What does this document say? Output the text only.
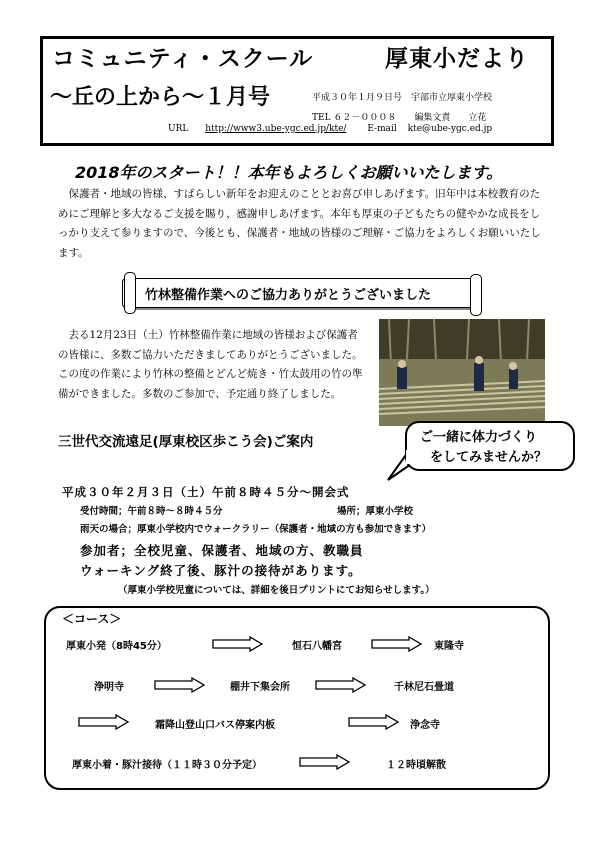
コミュニティ・スクール	厚東小だより
～丘の上から～１月号	平成３０年１月９日号　宇部市立厚東小学校
TEL ６２－０００８　　編集文責　　立花
URL http://www3.ube-ygc.ed.jp/kte/ E-mail kte@ube-ygc.ed.jp
2018年のスタート！！本年もよろしくお願いいたします。
保護者・地域の皆様、すばらしい新年をお迎えのこととお喜び申しあげます。旧年中は本校教育のためにご理解と多大なるご支援を賜り、感謝申しあげます。本年も厚東の子どもたちの健やかな成長をしっかり支えて参りますので、今後とも、保護者・地域の皆様のご理解・ご協力をよろしくお願いいたします。
竹林整備作業へのご協力ありがとうございました
去る12月23日（土）竹林整備作業に地域の皆様および保護者の皆様に、多数ご協力いただきましてありがとうございました。この度の作業により竹林の整備とどんど焼き・竹太鼓用の竹の準備ができました。多数のご参加で、予定通り終了しました。
三世代交流遠足(厚東校区歩こう会)ご案内	ご一緒に体力づくり
をしてみませんか？
平成３０年２月３日（土）午前８時４５分～開会式
受付時間；午前８時～８時４５分	場所；厚東小学校
雨天の場合；厚東小学校内でウォークラリー（保護者・地域の方も参加できます）
参加者；全校児童、保護者、地域の方、教職員
ウォーキング終了後、豚汁の接待があります。
（厚東小学校児童については、詳細を後日プリントにてお知らせします。）
＜コース＞
厚東小発（8時45分）	恒石八幡宮	東隆寺
浄明寺	棚井下集会所	千林尼石畳道
霜降山登山口バス停案内板	浄念寺
厚東小着・豚汁接待（１１時３０分予定）	１２時頃解散
